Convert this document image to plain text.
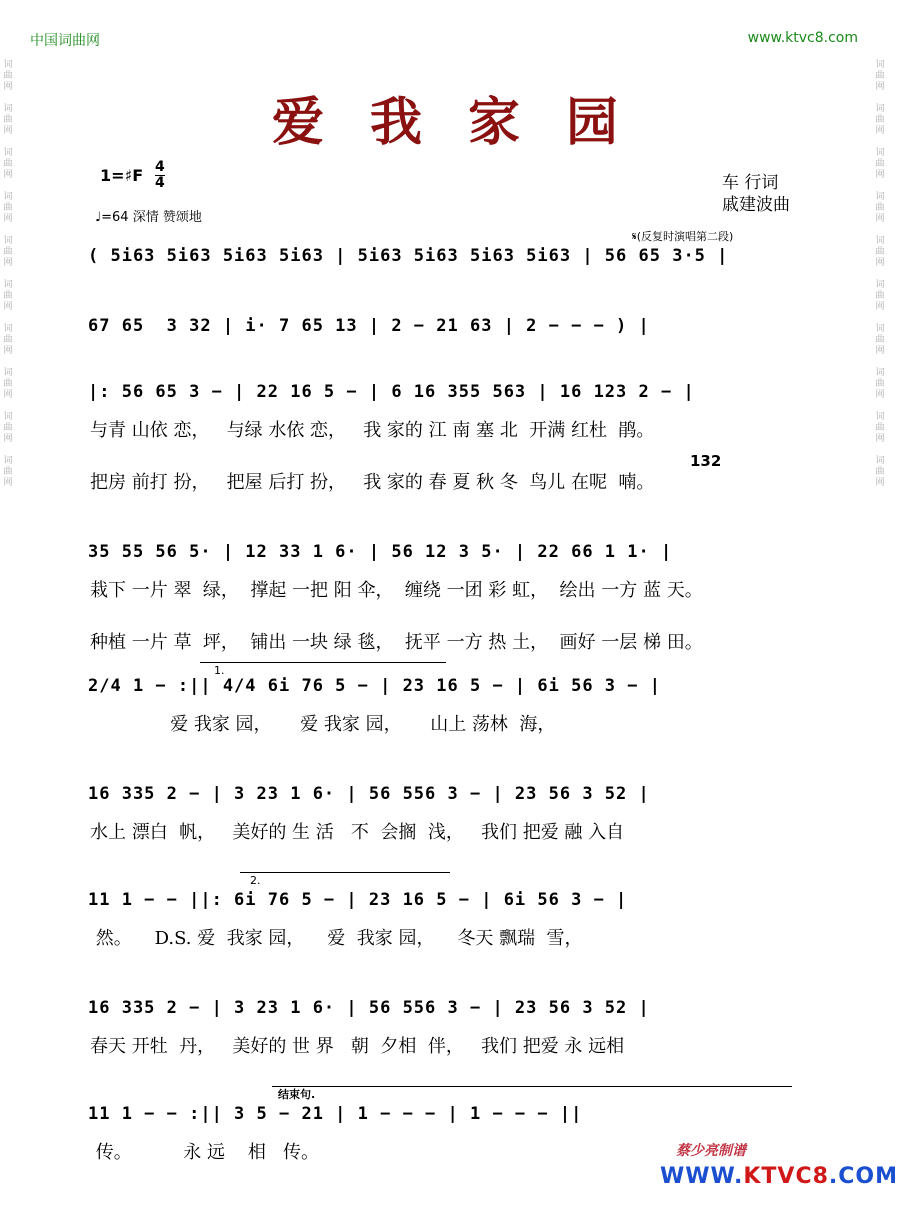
词曲网

词曲网

词曲网

词曲网

词曲网

词曲网

词曲网

词曲网

词曲网

词曲网
词曲网

词曲网

词曲网

词曲网

词曲网

词曲网

词曲网

词曲网

词曲网

词曲网
中国词曲网	www.ktvc8.com
爱我家园
1=♯F 4
4
♩=64 深情 赞颂地
车 行词
戚建波曲
𝄋(反复时演唱第二段)
( 5i63 5i63 5i63 5i63 | 5i63 5i63 5i63 5i63 | 56 65 3·5 |
67 65  3 32 | i· 7 65 13 | 2 − 21 63 | 2 − − − ) |
|: 56 65 3 − | 22 16 5 − | 6 16 355 563 | 16 123 2 − |
与青 山依 恋，   与绿 水依 恋，   我 家的 江 南 塞 北  开满 红杜  鹃。
把房 前打 扮，   把屋 后打 扮，   我 家的 春 夏 秋 冬  鸟儿 在呢  喃。
35 55 56 5· | 12 33 1 6· | 56 12 3 5· | 22 66 1 1· |
栽下 一片 翠  绿，  撑起 一把 阳 伞，  缠绕 一团 彩 虹，  绘出 一方 蓝 天。
种植 一片 草  坪，  铺出 一块 绿 毯，  抚平 一方 热 土，  画好 一层 梯 田。
2/4 1 − :|| 4/4 6i 76 5 − | 23 16 5 − | 6i 56 3 − |
爱 我家 园，     爱 我家 园，     山上 荡林  海，
16 335 2 − | 3 23 1 6· | 56 556 3 − | 23 56 3 52 |
水上 漂白  帆，   美好的 生 活   不  会搁  浅，   我们 把爱 融 入自
11 1 − − ||: 6i 76 5 − | 23 16 5 − | 6i 56 3 − |
然。    D.S. 爱  我家 园，    爱  我家 园，    冬天 飘瑞  雪，
16 335 2 − | 3 23 1 6· | 56 556 3 − | 23 56 3 52 |
春天 开牡  丹，   美好的 世 界   朝  夕相  伴，   我们 把爱 永 远相
11 1 − − :|| 3 5 − 21 | 1 − − − | 1 − − − ||
传。         永 远    相   传。
1.
2.
结束句.
132
蔡少亮制谱
WWW.KTVC8.COM
